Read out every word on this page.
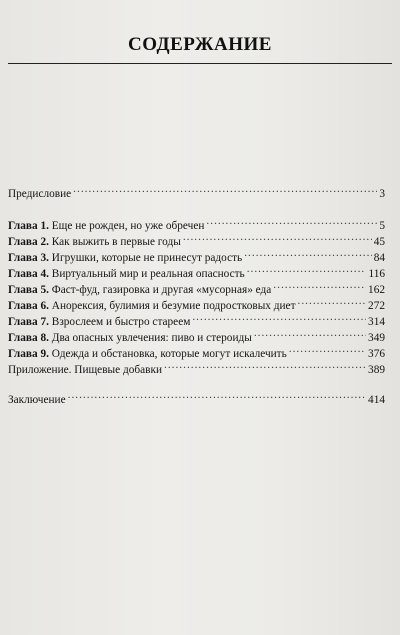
СОДЕРЖАНИЕ
Предисловие .....	3
Глава 1. Еще не рожден, но уже обречен .....	5
Глава 2. Как выжить в первые годы .....	45
Глава 3. Игрушки, которые не принесут радость .....	84
Глава 4. Виртуальный мир и реальная опасность .....	116
Глава 5. Фаст-фуд, газировка и другая «мусорная» еда .....	162
Глава 6. Анорексия, булимия и безумие подростковых диет .....	272
Глава 7. Взрослеем и быстро стареем .....	314
Глава 8. Два опасных увлечения: пиво и стероиды .....	349
Глава 9. Одежда и обстановка, которые могут искалечить .....	376
Приложение. Пищевые добавки .....	389
Заключение .....	414
